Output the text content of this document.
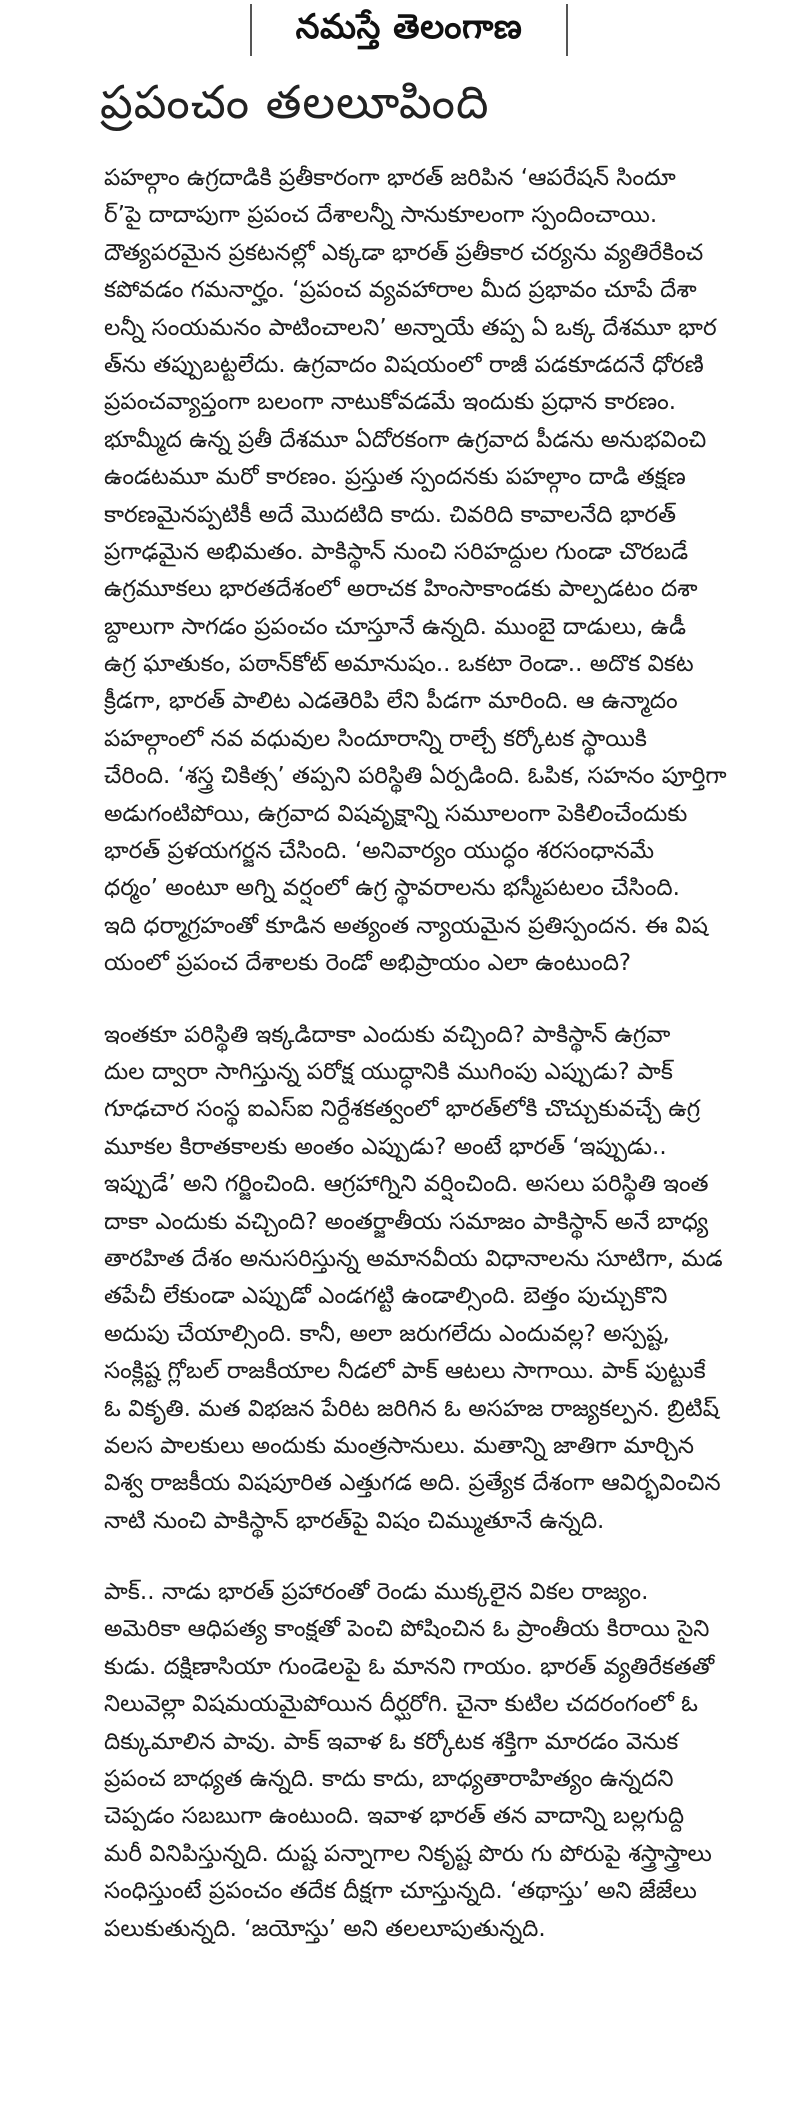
నమస్తే తెలంగాణ
ప్రపంచం తలలూపింది

పహల్గాం ఉగ్రదాడికి ప్రతీకారంగా భారత్ జరిపిన ‘ఆపరేషన్ సిందూ
ర్’పై దాదాపుగా ప్రపంచ దేశాలన్నీ సానుకూలంగా స్పందించాయి.
దౌత్యపరమైన ప్రకటనల్లో ఎక్కడా భారత్ ప్రతీకార చర్యను వ్యతిరేకించ
కపోవడం గమనార్హం. ‘ప్రపంచ వ్యవహారాల మీద ప్రభావం చూపే దేశా
లన్నీ సంయమనం పాటించాలని’ అన్నాయే తప్ప ఏ ఒక్క దేశమూ భార
త్‌ను తప్పుబట్టలేదు. ఉగ్రవాదం విషయంలో రాజీ పడకూడదనే ధోరణి
ప్రపంచవ్యాప్తంగా బలంగా నాటుకోవడమే ఇందుకు ప్రధాన కారణం.
భూమ్మీద ఉన్న ప్రతీ దేశమూ ఏదోరకంగా ఉగ్రవాద పీడను అనుభవించి
ఉండటమూ మరో కారణం. ప్రస్తుత స్పందనకు పహల్గాం దాడి తక్షణ
కారణమైనప్పటికీ అదే మొదటిది కాదు. చివరిది కావాలనేది భారత్
ప్రగాఢమైన అభిమతం. పాకిస్థాన్ నుంచి సరిహద్దుల గుండా చొరబడే
ఉగ్రమూకలు భారతదేశంలో అరాచక హింసాకాండకు పాల్పడటం దశా
బ్దాలుగా సాగడం ప్రపంచం చూస్తూనే ఉన్నది. ముంబై దాడులు, ఉడీ
ఉగ్ర ఘాతుకం, పఠాన్‌కోట్ అమానుషం.. ఒకటా రెండా.. అదొక వికట
క్రీడగా, భారత్ పాలిట ఎడతెరిపి లేని పీడగా మారింది. ఆ ఉన్మాదం
పహల్గాంలో నవ వధువుల సిందూరాన్ని రాల్చే కర్కోటక స్థాయికి
చేరింది. ‘శస్త్ర చికిత్స’ తప్పని పరిస్థితి ఏర్పడింది. ఓపిక, సహనం పూర్తిగా
అడుగంటిపోయి, ఉగ్రవాద విషవృక్షాన్ని సమూలంగా పెకిలించేందుకు
భారత్ ప్రళయగర్జన చేసింది. ‘అనివార్యం యుద్ధం శరసంధానమే
ధర్మం’ అంటూ అగ్ని వర్షంలో ఉగ్ర స్థావరాలను భస్మీపటలం చేసింది.
ఇది ధర్మాగ్రహంతో కూడిన అత్యంత న్యాయమైన ప్రతిస్పందన. ఈ విష
యంలో ప్రపంచ దేశాలకు రెండో అభిప్రాయం ఎలా ఉంటుంది?

ఇంతకూ పరిస్థితి ఇక్కడిదాకా ఎందుకు వచ్చింది? పాకిస్థాన్ ఉగ్రవా
దుల ద్వారా సాగిస్తున్న పరోక్ష యుద్ధానికి ముగింపు ఎప్పుడు? పాక్
గూఢచార సంస్థ ఐఎస్ఐ నిర్దేశకత్వంలో భారత్‌లోకి చొచ్చుకువచ్చే ఉగ్ర
మూకల కిరాతకాలకు అంతం ఎప్పుడు? అంటే భారత్ ‘ఇప్పుడు..
ఇప్పుడే’ అని గర్జించింది. ఆగ్రహాగ్నిని వర్షించింది. అసలు పరిస్థితి ఇంత
దాకా ఎందుకు వచ్చింది? అంతర్జాతీయ సమాజం పాకిస్థాన్ అనే బాధ్య
తారహిత దేశం అనుసరిస్తున్న అమానవీయ విధానాలను సూటిగా, మడ
తపేచీ లేకుండా ఎప్పుడో ఎండగట్టి ఉండాల్సింది. బెత్తం పుచ్చుకొని
అదుపు చేయాల్సింది. కానీ, అలా జరుగలేదు ఎందువల్ల? అస్పష్ట,
సంక్లిష్ట గ్లోబల్ రాజకీయాల నీడలో పాక్ ఆటలు సాగాయి. పాక్ పుట్టుకే
ఓ వికృతి. మత విభజన పేరిట జరిగిన ఓ అసహజ రాజ్యకల్పన. బ్రిటిష్
వలస పాలకులు అందుకు మంత్రసానులు. మతాన్ని జాతిగా మార్చిన
విశ్వ రాజకీయ విషపూరిత ఎత్తుగడ అది. ప్రత్యేక దేశంగా ఆవిర్భవించిన
నాటి నుంచి పాకిస్థాన్ భారత్‌పై విషం చిమ్ముతూనే ఉన్నది.

పాక్.. నాడు భారత్ ప్రహారంతో రెండు ముక్కలైన వికల రాజ్యం.
అమెరికా ఆధిపత్య కాంక్షతో పెంచి పోషించిన ఓ ప్రాంతీయ కిరాయి సైని
కుడు. దక్షిణాసియా గుండెలపై ఓ మానని గాయం. భారత్ వ్యతిరేకతతో
నిలువెల్లా విషమయమైపోయిన దీర్ఘరోగి. చైనా కుటిల చదరంగంలో ఓ
దిక్కుమాలిన పావు. పాక్ ఇవాళ ఓ కర్కోటక శక్తిగా మారడం వెనుక
ప్రపంచ బాధ్యత ఉన్నది. కాదు కాదు, బాధ్యతారాహిత్యం ఉన్నదని
చెప్పడం సబబుగా ఉంటుంది. ఇవాళ భారత్ తన వాదాన్ని బల్లగుద్ది
మరీ వినిపిస్తున్నది. దుష్ట పన్నాగాల నికృష్ట పొరు గు పోరుపై శస్త్రాస్త్రాలు
సంధిస్తుంటే ప్రపంచం తదేక దీక్షగా చూస్తున్నది. ‘తథాస్తు’ అని జేజేలు
పలుకుతున్నది. ‘జయోస్తు’ అని తలలూపుతున్నది.
